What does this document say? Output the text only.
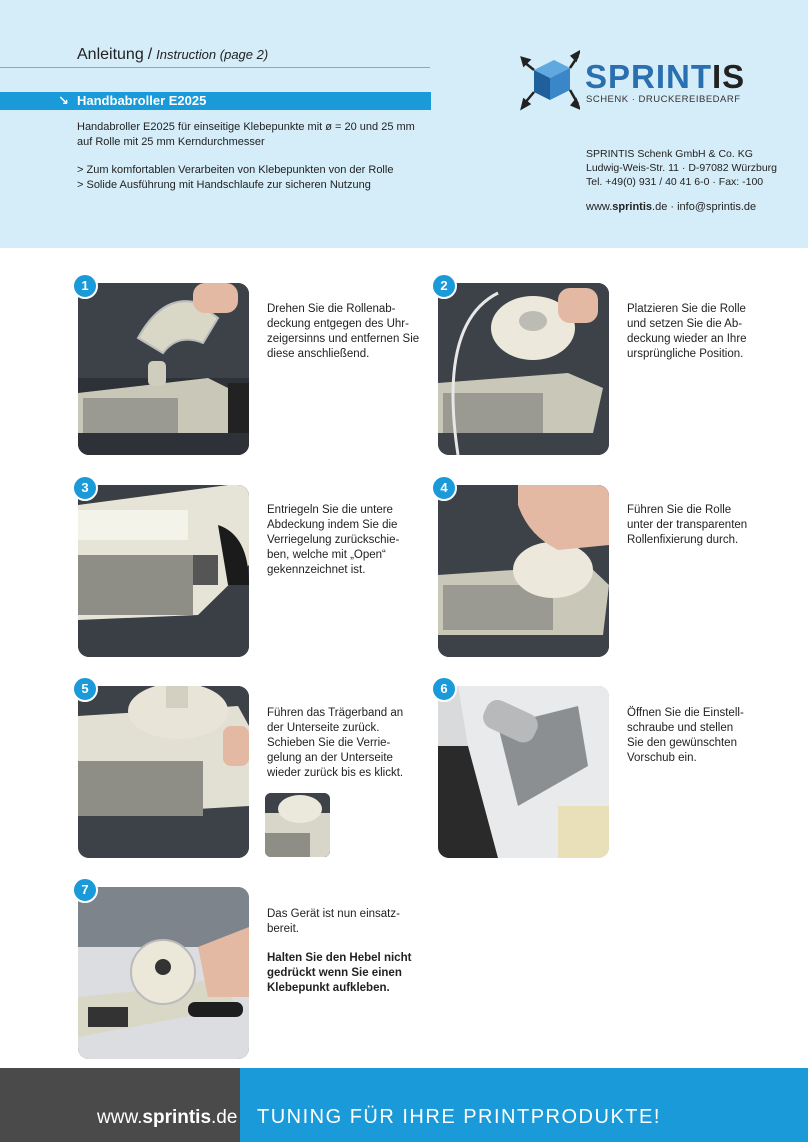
Anleitung / Instruction (page 2)
↘ Handbabroller E2025

Handabroller E2025 für einseitige Klebepunkte mit ø = 20 und 25 mm

auf Rolle mit 25 mm Kerndurchmesser

> Zum komfortablen Verarbeiten von Klebepunkten von der Rolle

> Solide Ausführung mit Handschlaufe zur sicheren Nutzung

SPRINTIS
SCHENK · DRUCKEREIBEDARF

SPRINTIS Schenk GmbH & Co. KG

Ludwig-Weis-Str. 11 · D-97082 Würzburg

Tel. +49(0) 931 / 40 41 6-0 · Fax: -100

www.sprintis.de · info@sprintis.de
1
Drehen Sie die Rollenab-
deckung entgegen des Uhr-
zeigersinns und entfernen Sie
diese anschließend.
2
Platzieren Sie die Rolle
und setzen Sie die Ab-
deckung wieder an Ihre
ursprüngliche Position.
3
Entriegeln Sie die untere
Abdeckung indem Sie die
Verriegelung zurückschie-
ben, welche mit „Open“
gekennzeichnet ist.
4
Führen Sie die Rolle
unter der transparenten
Rollenfixierung durch.
5
Führen das Trägerband an
der Unterseite zurück.
Schieben Sie die Verrie-
gelung an der Unterseite
wieder zurück bis es klickt.
6
Öffnen Sie die Einstell-
schraube und stellen
Sie den gewünschten
Vorschub ein.
7
Das Gerät ist nun einsatz-
bereit.
Halten Sie den Hebel nicht
gedrückt wenn Sie einen
Klebepunkt aufkleben.
www.sprintis.de TUNING FÜR IHRE PRINTPRODUKTE!
